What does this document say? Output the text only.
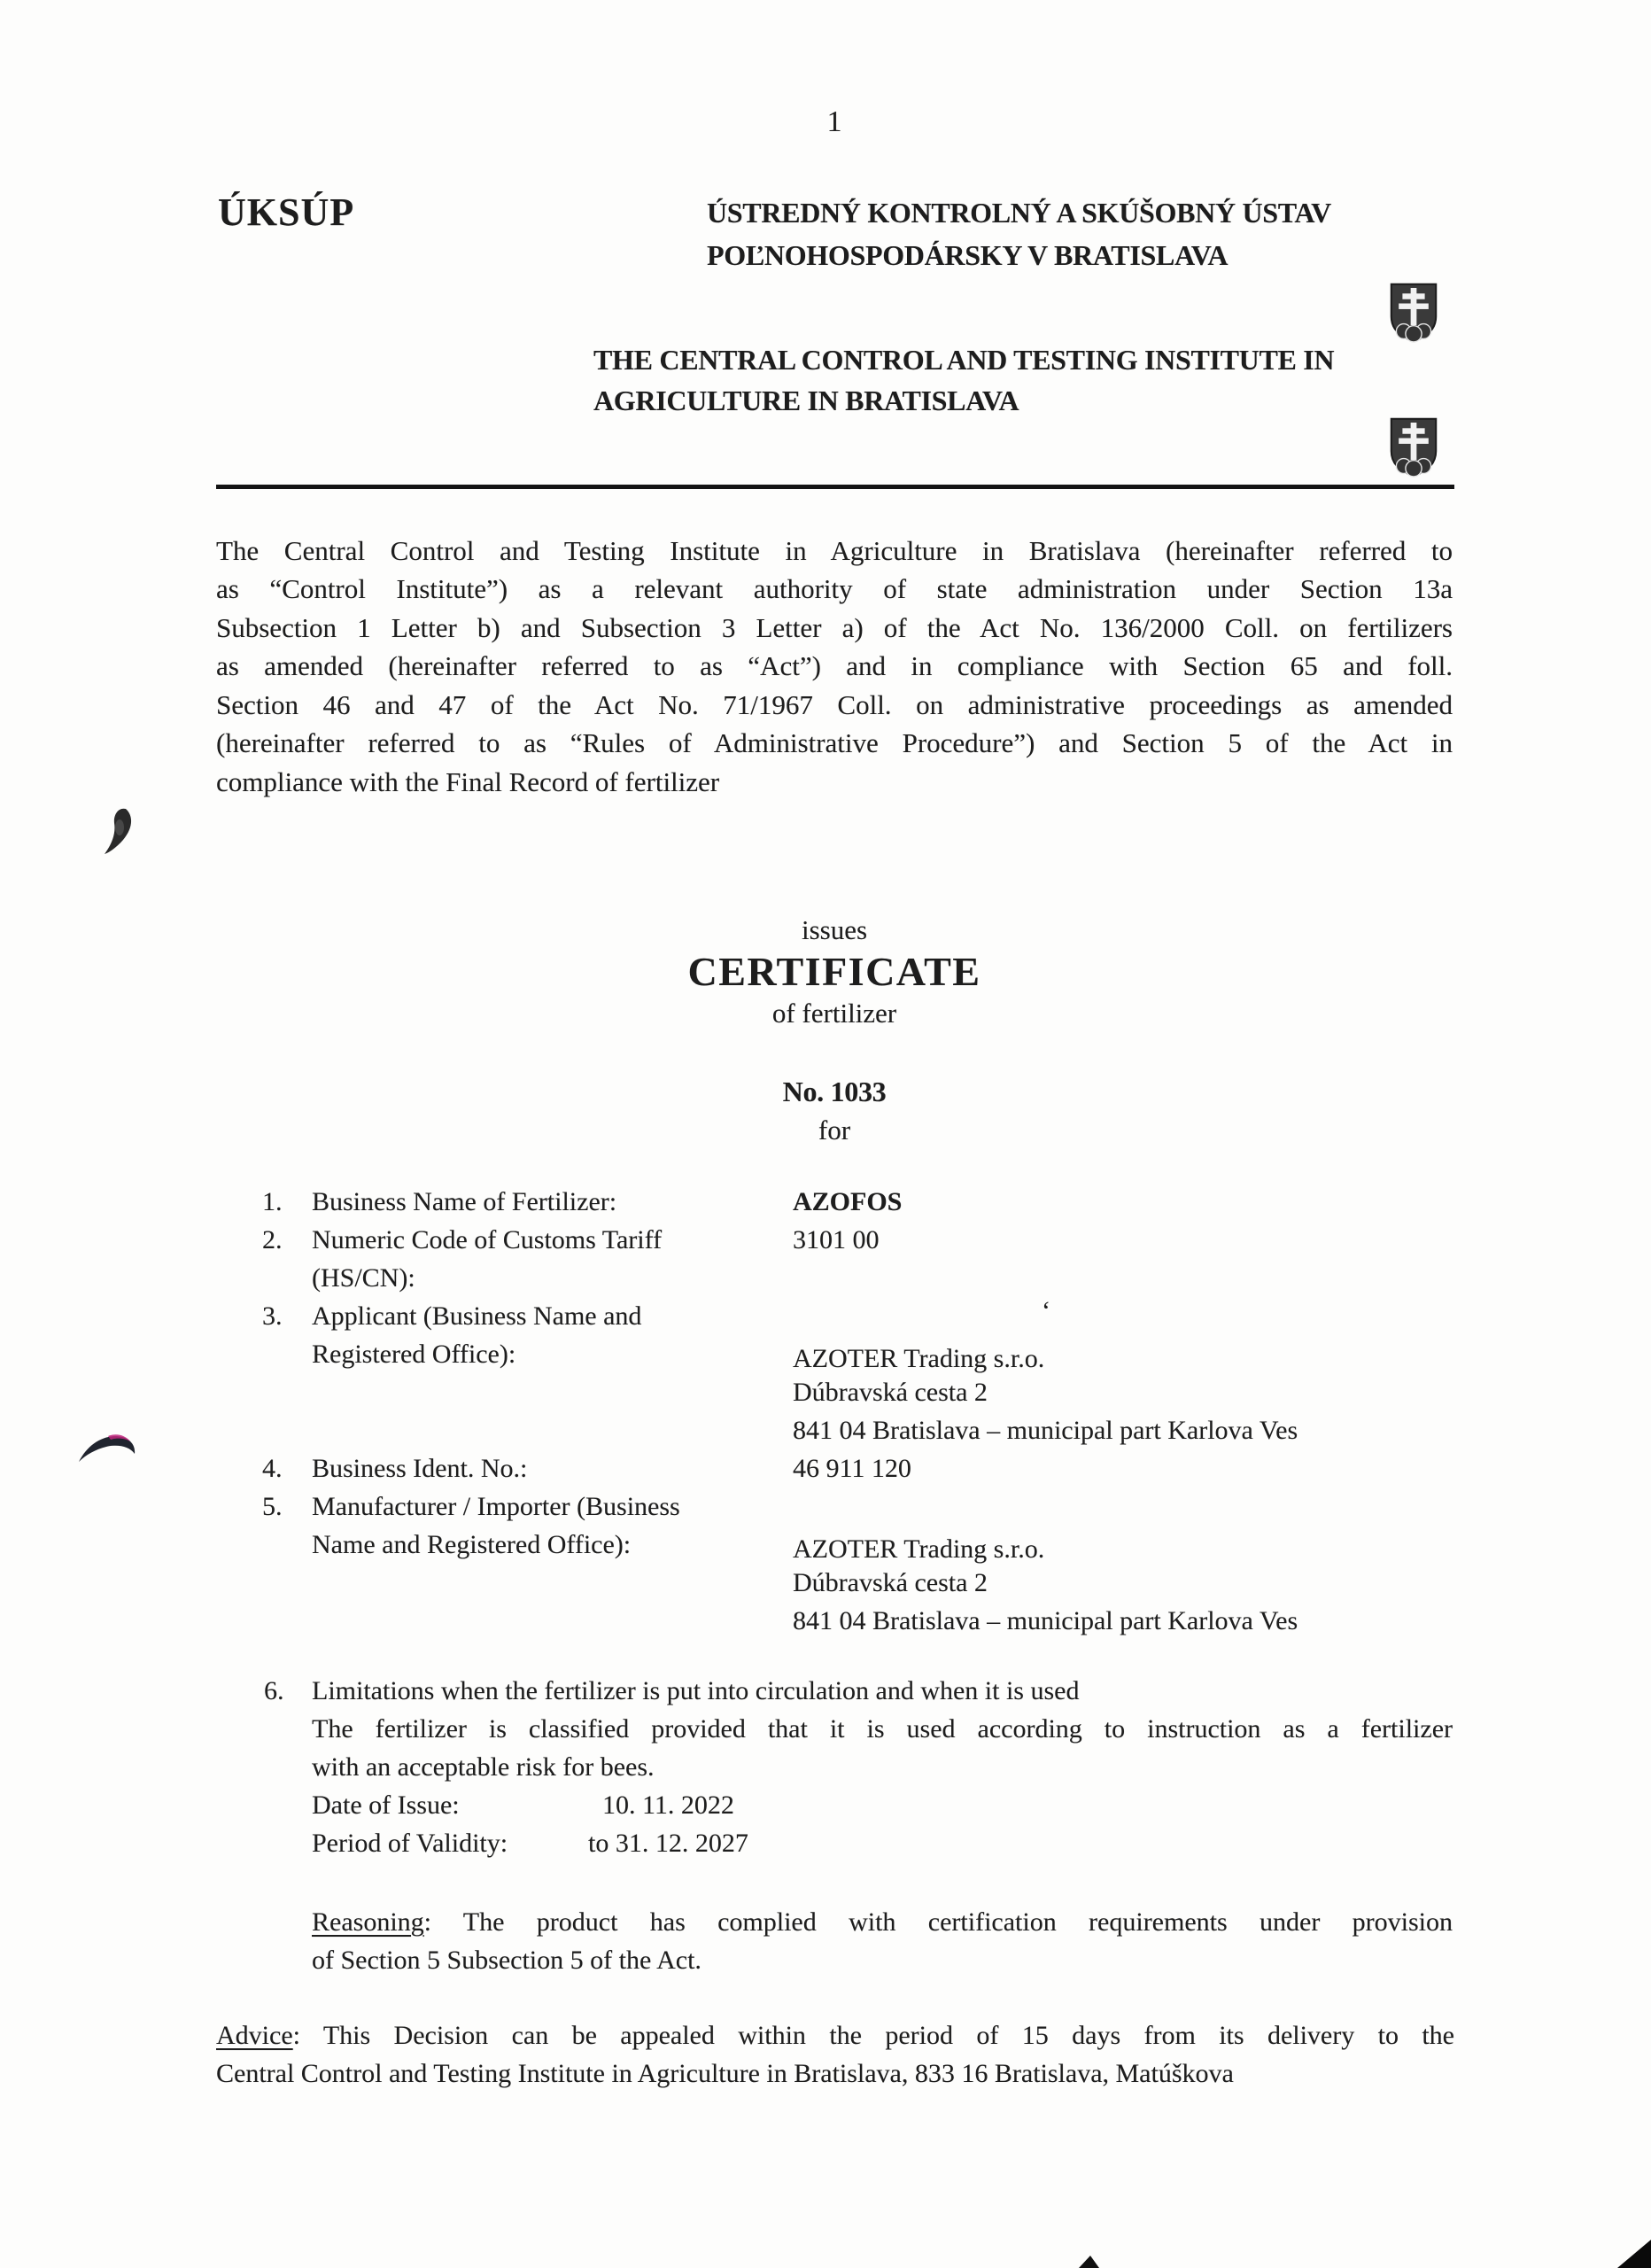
1
ÚKSÚP	ÚSTREDNÝ KONTROLNÝ A SKÚŠOBNÝ ÚSTAV
POĽNOHOSPODÁRSKY V BRATISLAVA
THE CENTRAL CONTROL AND TESTING INSTITUTE IN
AGRICULTURE IN BRATISLAVA
The Central Control and Testing Institute in Agriculture in Bratislava (hereinafter referred to
as “Control Institute”) as a relevant authority of state administration under Section 13a
Subsection 1 Letter b) and Subsection 3 Letter a) of the Act No. 136/2000 Coll. on fertilizers
as amended (hereinafter referred to as “Act”) and in compliance with Section 65 and foll.
Section 46 and 47 of the Act No. 71/1967 Coll. on administrative proceedings as amended
(hereinafter referred to as “Rules of Administrative Procedure”) and Section 5 of the Act in
compliance with the Final Record of fertilizer
issues
CERTIFICATE
of fertilizer
No. 1033
for
1. Business Name of Fertilizer:	AZOFOS
2. Numeric Code of Customs Tariff	3101 00
(HS/CN):
3. Applicant (Business Name and	‘
Registered Office):	AZOTER Trading s.r.o.
Dúbravská cesta 2
841 04 Bratislava – municipal part Karlova Ves
4. Business Ident. No.:	46 911 120
5. Manufacturer / Importer (Business
Name and Registered Office):	AZOTER Trading s.r.o.
Dúbravská cesta 2
841 04 Bratislava – municipal part Karlova Ves
6. Limitations when the fertilizer is put into circulation and when it is used
The fertilizer is classified provided that it is used according to instruction as a fertilizer
with an acceptable risk for bees.
Date of Issue:	10. 11. 2022
Period of Validity:	to 31. 12. 2027
Reasoning: The product has complied with certification requirements under provision
of Section 5 Subsection 5 of the Act.
Advice: This Decision can be appealed within the period of 15 days from its delivery to the
Central Control and Testing Institute in Agriculture in Bratislava, 833 16 Bratislava, Matúškova
